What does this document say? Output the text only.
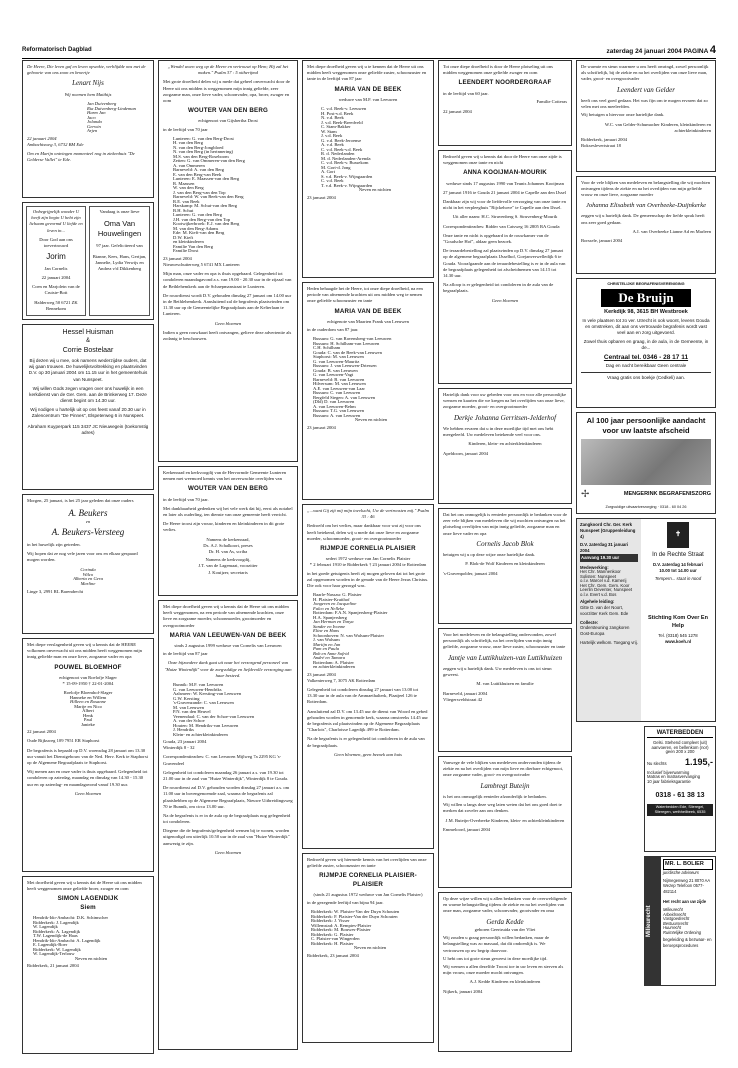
Reformatorisch Dagblad	zaterdag 24 januari 2004 PAGINA 4
De Heere, Die leven gaf en leven opwekte, verblijdde ons met de geboorte van ons zoon en broertje
Lenart Nijs
Wij noemen hem Matthijs
Jan Duivenberg
Ria Duivenberg-Lindeman
Harm Jan
Jaco
Jolanda
Gerwin
Arjen
22 januari 2004
Ambachtsweg 3, 6732 BM Ede
Om en Marijn ontvingen momenteel nog in ziekenhuis "De Gelderse Vallei" te Ede.
Onbegrijpelijk wonder U heeft zijn begin U hebt zijn lichaam gevormd U liefde en leven in...
Door God aan ons toevertrouwd
Jorim
Jan Cornelis
22 januari 2004
Coen en Marjolein van de Cruiste-Bott
Halderweg 50 6721 ZK Bennekom
Vandaag is onze lieve
Oma Van Houwelingen
97 jaar. Gefeliciteerd van
Bianne, Kees, Hans, Gertjan, Jannelie, Lydia Verwijs en Andrea v/d Dikkenberg
Hessel Huisman
&
Corrie Bostelaar
Bij dezen wij u mee, ook namens wederzijdse ouders, dat wij gaan trouwen. De huwelijksvoltrekking en plaatsvinden D.V. op 30 januari 2004 om 11.15 uur in het gemeentehuis van Nunspeet.
Wij willen Gods zegen vragen over ons huwelijk in een kerkdienst van de Ger. Gem. aan de Brinkerweg 17. Deze dienst begint om 14.30 uur.
Wij nodigen u hartelijk uit op ons feest vanaf 20.30 uur in Zalencentrum "De Pinnes", Elspeterweg 6 in Nunspeet.
Abraham Kuyperpark 115 3437 JC Nieuwegein (toekomstig adres)
Morgen, 25 januari, is het 25 jaar geleden dat onze ouders
A. Beukers
en
A. Beukers-Versteeg
in het huwelijk zijn getreden.
Wij hopen dat ze nog vele jaren voor ons en elkaar gespaard mogen worden.
Corinda
Wilco
Alberta en Gera
Marline
Linge 3, 2991 RL Barendrecht
Met diepe verslagenheid geven wij u kennis dat de HEERE volkomen onverwacht uit ons midden heeft weggenomen mijn innig geliefde man en onze lieve, zorgzame vader en opa
POUWEL BLOEMHOF
echtgenoot van Roelofje Slager
* 15-09-1950 † 22-01-2004
Roelofje Bloemhof-Slager
Hanneke en Willem
Hilleen en Rosanne
Marije en Nico
Albert
Henk
Paul
Janieke
22 januari 2004
Oude Rijksweg 109 7951 ER Staphorst
De begrafenis is bepaald op D.V. woensdag 28 januari om 13.30 uur vanuit het Dienstgebouw van de Ned. Herv. Kerk te Staphorst op de Algemene Begraafplaats te Staphorst.
Wij menen aan en onze vader is thuis opgebaard. Gelegenheid tot condoleren op zaterdag, maandag en dinsdag van 14.30 - 15.30 uur en op zaterdag- en maandagavond vanaf 19.30 uur.
Geen bloemen
Met droefheid geven wij u kennis dat de Heere uit ons midden heeft weggenomen onze geliefde broer, zwager en oom
SIMON LAGENDIJK
Siem
Hendrik-Ido-Ambacht: D.K. Schimscher
Ridderkerk: J. Lagendijk
W. Lagendijk
Ridderkerk: A. Lagendijk
T.W. Lagendijk-de Haas
Hendrik-Ido-Ambacht: A. Lagendijk
E. Lagendijk-Boer
Ridderkerk: W. Lagendijk
W. Lagendijk-Terlouw
Neven en nichten
Ridderkerk, 21 januari 2004
„Wendel uwen weg op de Heere en vertrouwt op Hem; Hij zal het maken." Psalm 37 : 5 ottherijmd
Met grote droefheid delen wij u mede dat geheel onverwacht door de Heere uit ons midden is weggenomen mijn innig geliefde, zeer zorgzame man, onze lieve vader, schoonvader, opa, broer, zwager en oom
WOUTER VAN DEN BERG
echtgenoot van Gijsbertha Drost
in de leeftijd van 70 jaar
Lunteren: G. van den Berg-Drost
H. van den Berg
N. van den Berg-Jongbloed
N. van den Berg (in herinnering)
M.S. van den Berg-Roseboom
Zetten: G. van Ommeren-van den Berg
A. van Ommeren
Barneveld: A. van den Berg
E. van den Berg-van Beek
Lunteren: E. Maassen-van den Berg
R. Maassen
W. van den Berg
J. van den Berg-van den Top
Barneveld: W. van Beek-van den Berg
R.E. van Beek
Harskamp: M. Schut-van den Berg
B.H. Schut
Lunteren: G. van den Berg
J.H. van den Berg-van den Top
Kootwijkerbroek: E.J. van den Berg
M. van den Berg-Adams
Ede: M. Kieft-van den Berg
D.W. Kieft
en kleinkinderen
Familie Van den Berg
Familie Drost
23 januari 2004
Nieuweschutterweg 5 6741 MX Lunteren
Mijn man, onze vader en opa is thuis opgebaard. Gelegenheid tot condoleren maandagavond a.s. van 19.00 - 20.30 uur in de zijzaal van de Bethlehemkerk aan de Schaepmanstraat te Lunteren.
De rouwdienst wordt D.V. gehouden dinsdag 27 januari om 14.00 uur in de Bethlehemkerk. Aansluitend zal de begrafenis plaatsvinden om 11.30 uur op de Gemeentelijke Begraafplaats aan de Kelterlaan te Lunteren.
Geen bloemen
Indien u geen rouwkaart heeft ontvangen, gelieve deze advertentie als zodanig te beschouwen.
Kerkenraad en kerkvoogdij van de Hervormde Gemeente Lunteren nemen met weemoed kennis van het onverwachte overlijden van
WOUTER VAN DEN BERG
in de leeftijd van 70 jaar.
Met dankbaarheid gedenken wij het vele werk dat hij, eerst als notabel en later als ouderling, ten dienste van onze gemeente heeft verricht.
De Heere troost zijn vrouw, kinderen en kleinkinderen in dit grote verlies.
Namens de kerkenraad,
Ds. A.J. Schalkoort, preses
Dr. H. van As, scriba
Namens de kerkvoogdij,
J.T. van de Lagemaat, voorzitter
J. Kouijzer, secretaris
Met diepe droefheid geven wij u kennis dat de Heere uit ons midden heeft weggenomen, na een periode van afnemende krachten, onze lieve en zorgzame moeder, schoonmoeder, grootmoeder en overgrootmoeder
MARIA VAN LEEUWEN-VAN DE BEEK
sinds 2 augustus 1999 weduwe van Cornelis van Leeuwen
in de leeftijd van 87 jaar
Onze bijzondere dank gaat uit naar het verzorgend personeel van "Huize Winterdijk" voor de zorgvuldige en liefdevolle verzorging aan haar besteed.
Bunnik: M.F. van Leeuwen
G. van Leeuwen-Hendriks
Aalsmeer: W. Kersting-van Leeuwen
G.W. Kersting
's-Gravenzande: C. van Leeuwen
M. van Leeuwen
P.N. van den Heuvel
Veenendaal: C. van der Schoe-van Leeuwen
A. van der Schoe
Houten: M. Hendriks-van Leeuwen
J. Hendriks
Klein- en achterkleinkinderen
Gouda, 23 januari 2004
Winterdijk 8 - 32
Correspondentieadres: C. van Leeuwen Mijlweg 7a 2295 KG 's-Gravendeel
Gelegenheid tot condoleren maandag 26 januari a.s. van 19.30 tot 21.00 uur in de zaal van "Huize Winterdijk", Winterdijk 8 te Gouda.
De rouwdienst zal D.V. gehouden worden dinsdag 27 januari a.s. om 11.00 uur in bovengenoemde zaal, waarna de begrafenis zal plaatshebben op de Algemene Begraafplaats, Nieuwe Uitbreidingsweg 70 te Bunnik, om circa 13.00 uur.
Na de begrafenis is er in de aula op de begraafplaats nog gelegenheid tot condoleren.
Diegene die de begrafenis/gelegenheid wensen bij te wonen, worden uitgenodigd om uiterlijk 10.50 uur in de zaal van "Huize Winterdijk" aanwezig te zijn.
Geen bloemen
Met diepe droefheid geven wij u te kennen dat de Heere uit ons midden heeft weggenomen onze geliefde zuster, schoonzuster en tante in de leeftijd van 87 jaar
MARIA VAN DE BEEK
weduwe van M.F. van Leeuwen
C. v.d. Beek-v. Leeuwen
H. Post-v.d. Beek
N. v.d. Beek
J. v.d. Beek-Breedveld
C. Stam-Bakker
W. Stam
J. v.d. Beek
G. v.d. Beek-Jeroense
A. v.d. Beek
C. v.d. Beek-v.d. Beek
R. d. Nederlanden
M. d. Nederlanden-Arenda
C. v.d. Beek-v. Bussekom
M. Gort-d. Jong
A. Gort
S. v.d. Beek-v. Wijngaarden
C. v.d. Beek
T. v.d. Beek-v. Wijngaarden
Neven en nichten
23 januari 2004
Heden behaagde het de Heere, tot onze diepe droefheid, na een periode van afnemende krachten uit ons midden weg te nemen onze geliefde schoonzuster en tante
MARIA VAN DE BEEK
echtgenote van Maarten Frank van Leeuwen
in de ouderdom van 87 jaar.
Bussum: G. van Ravensberg-van Leeuwen
Bussum: H. Schilham-van Leeuwen
C.H. Schilham
Gouda: C. van de Beek-van Leeuwen
Staphorst: M. van Leeuwen
G. van Leeuwen-Mauritz
Bussum: J. van Leeuwen-Driessen
Gouda: B. van Leeuwen
G. van Leeuwen-Vagt
Barneveld: B. van Leeuwen
Hilversum: M. van Leeuwen
A.E. van Leeuwen-van Laar
Bussum: C. van Leeuwen
Bergfeld Siegen: A. van Leeuwen
(Dld) D. van Leeuwen
A. van Leeuwen-Behm
Bussum: T.G. van Leeuwen
Bussum: A. van Leeuwen
Neven en nichten
23 januari 2004
„...want Gij zijt mij mijn toevlucht, Uw de vertroosten mij." Psalm 33 : 46
Bedroefd om het verlies, maar dankbaar voor wat zij voor ons heeft betekend, delen wij u mede dat onze lieve en zorgzame moeder, schoonmoeder, groot- en overgrootmoeder
RIJMPJE CORNELIA PLAISIER
sedert 1972 weduwe van Jan Cornelis Plaisier
* 2 februari 1910 te Ridderkerk † 23 januari 2004 te Rotterdam
in het goede getuigenis heeft zij mogen geloven dat tot het grote zal opgenomen worden in de genade van de Heere Jezus Christus. Die ook voor haar gezorgd was.
Baarle-Nassau: G. Plaisier
H. Plaisier-Kruithof
Jongeren en Jacqueline
Falco en Nelleke
Botterdam: F.A.N. Spanjersberg-Plaisier
H.A. Spanjersberg
Jan Herman en Tonya
Sander en Ivonne
Eline en Hans
Schoonhoven: N. van Walsum-Plaisier
J. van Walsum
Martijn en Jan
Pam en Paula
Bob en Anne Sofrid
André en Tamara
Botterdam: A. Plaisier
en achterkleinkinderen
23 januari 2004
Valkenierweg 7, 3075 AK Rotterdam
Gelegenheid tot condoleren dinsdag 27 januari van 13.00 tot 13.30 uur in de aula van de Ammaethalterk, Plaatjeel 126 te Rotterdam.
Aansluitend zal D.V. om 13.45 uur de dienst van Woord en gebed gehouden worden in genoemde kerk, waarna omstreeks 14.45 uur de begrafenis zal plaatsvinden op de Algemene Begraafplaats "Charlois", Charloisse Lagedijk 499 te Rotterdam.
Na de begrafenis is er gelegenheid tot condoleren in de aula van de begraafplaats.
Geen bloemen, geen bezoek aan huis
Bedroefd geven wij hiermede kennis van het overlijden van onze geliefde zuster, schoonzuster en tante
RIJMPJE CORNELIA PLAISIER-PLAISIER
(sinds 21 augustus 1972 weduwe van Jan Cornelis Plaisier)
in de gezegende leeftijd van bijna 94 jaar.
Ridderkerk: W. Plaisier-Van der Duyn Schouten
Ridderkerk: F. Plaisier-Van der Duyn Schouten
Ridderkerk: J. Visser
Willemstad: A. Rempies-Plaisier
Ridderkerk: M. Bouwes-Plaisier
Ridderkerk: G. Plaisier
C. Plaisier-van Wingerden
Ridderkerk: H. Plaisier
Neven en nichten
Ridderkerk, 23 januari 2004
Tot onze diepe droefheid is door de Heere plotseling uit ons midden weggenomen onze geliefde zwager en oom
LEENDERT NOORDERGRAAF
in de leeftijd van 60 jaar.
Familie Cotteras
22 januari 2004
Bedroefd geven wij u kennis dat door de Heere van onze zijde is weggenomen onze tante en nicht
ANNA KOOIJMAN-MOURIK
weduwe sinds 17 augustus 1990 van Teunis Johannes Kooijman
27 januari 1916 te Gouda 21 januari 2004 te Capelle aan den IJssel
Dankbaar zijn wij voor de liefdevolle verzorging van onze tante en nicht in het verpleeghuis "Rijckehove" te Capelle aan den IJssel.
Uit aller naam: H.C. Struvenberg S. Struvenberg-Mourik
Correspondentieadres: Ridder van Catsweg 16 2805 RA Gouda
Onze tante en nicht is opgebaard in de rouwkamer van de "Goudsche Hof", aldaar geen bezoek.
De teraardebestelling zal plaatsvinden op D.V. dinsdag 27 januari op de algemene begraafplaats IJsselhof, Goejanverwelledijk 6 te Gouda. Voorafgaande aan de teraardebestelling is er in de aula van de begraafplaats gelegenheid tot afscheidnemen van 14.15 tot 14.30 uur.
Na afloop is er gelegenheid tot condoleren in de aula van de begraafplaats.
Geen bloemen
Hartelijk dank voor uw gebeden voor ons en voor alle persoonlijke wensen en kaarten die we kregen na het overlijden van onze lieve, zorgzame moeder, groot- en overgrootmoeder
Derkje Johanna Gerritsen-Jelderhof
We hebben ervaren dat u in deze moeilijke tijd met ons hebt meegeleefd. Uw medeleven betekende veel voor ons.
Kinderen, klein- en achterkleinkinderen
Apeldoorn, januari 2004
Dat het ons onmogelijk is eenieder persoonlijk te bedanken voor de zeer vele blijken van medeleven die wij mochten ontvangen na het plotseling overlijden van mijn innig geliefde, zorgzame man en onze lieve vader en opa
Cornelis Jacob Blok
betuigen wij u op deze wijze onze hartelijke dank.
P. Blok-de Wolf Kinderen en kleinkinderen
's-Gravenpolder, januari 2004
Voor het medeleven en de belangstelling ondervonden, zowel persoonlijk als schriftelijk, na het overlijden van mijn innig geliefde, zorgzame vrouw, onze lieve zuster, schoonzuster en tante
Jantje van Luttikhuizen-van Luttikhuizen
zeggen wij u hartelijk dank. Uw medeleven is ons tot steun geweest.
M. van Luttikhuizen en familie
Barneveld, januari 2004
Vliegersveldstraat 42
Vanwege de vele blijken van medeleven ondervonden tijdens de ziekte en na het overlijden van mijn lieve en dierbare echtgenoot, onze zorgzame vader, groot- en overgrootvader
Lambregt Buteijn
is het ons onmogelijk eenieder afzonderlijk te bedanken.
Wij willen u langs deze weg laten weten dat het ons goed doet te merken dat zoveler aan ons denken.
J.M. Buteijn-Overbeeke Kinderen, klein- en achterkleinkinderen
Emmeloord, januari 2004
Op deze wijze willen wij u allen bedanken voor de overweldigende en warme belangstelling tijdens de ziekte en na het overlijden van onze man, zorgzame vader, schoonvader, grootvader en oma
Gerda Kedde
geboren Geertruida van der Vliet
Wij zouden u graag persoonlijk willen bedanken, maar de belangstelling was zo massaal, dat dit ondoenlijk is. We vertrouwen op uw begrip daarvoor.
U hebt ons tot grote steun geweest in deze moeilijke tijd.
Wij wensen u allen dezelfde Troost toe in uw leven en sterven als mijn vrouw, onze moeder mocht ontvangen.
A.J. Kedde Kinderen en kleinkinderen
Nijkerk, januari 2004
De warmte en steun waarmee u ons heeft omringd, zowel persoonlijk als schriftelijk, bij de ziekte en na het overlijden van onze lieve man, vader, groot- en overgrootvader
Leendert van Gelder
heeft ons veel goed gedaan. Het was fijn om te mogen ervaren dat zo velen met ons meeleefden.
Wij betuigen u hiervoor onze hartelijke dank.
W.C. van Gelder-Schumacher Kinderen, kleinkinderen en achterkleinkinderen
Ridderkerk, januari 2004
Bokxeslevertstraat 18
Voor de vele blijken van medeleven en belangstelling die wij mochten ontvangen tijdens de ziekte en na het overlijden van mijn geliefde vrouw en onze lieve, zorgzame moeder
Johanna Elisabeth van Overbeeke-Duijnkerke
zeggen wij u hartelijk dank. De gemeenschap der liefde sprak heeft ons zeer goed gedaan.
A.I. van Overbeeke Lianne Ad en Marleen
Borssele, januari 2004
CHRISTELIJKE BEGRAFENISVERENIGING
De Bruijn
Kerkdijk 98, 3615 BH Westbroek
In vele plaatsen tot zo ver. Utrecht is ook woont, levens Gouda en omstreken, dit aan ons vertrouwde begrafenis wordt vast veel aan en zorg uitgevoerd.
Zowel thuis opbaren en graag, in de aula, in de Gemeente, in de...
Centraal tel. 0346 - 28 17 11
Dag en nacht bereikbaar Geen centrale
Vraag gratis ons boekje (Cedkeli) aan.
Al 100 jaar persoonlijke aandacht voor uw laatste afscheid
✢	MENGERINK BEGRAFENISZORG
Zorgvuldige uitvaartverzorging · 0318 - 60 04 26
Zangkoord Chr. Ger. Kerk Nunspeet (Gruppenleidung 4)
D.V. zaterdag 31 januari 2004
Aanvang 19.30 uur
Medewerking:
Het Chr. Mannenkoor
Solisten: Nunspeet
o.l.v. Marcel v.d. Kamerij
Het Chr. Gem. Gem. Koor
Leerlin Deventer, Nunspeet
o.l.v. Evert v.d. Bos
Algehele leiding:
Gitte D. van der Noort, voorzitter Kerk Gem. Ede
Collecte:
Ondersteuning zangkoren Oost-Europa
Hartelijk welkom. Toegang vrij.
✝
In de Rechte Straat
D.V. zaterdag 14 februari
10.00 tot 14.00 uur
Tempern... staat in nood
Stichting Kom Over En Help
Tel. (0318) 545 1278
www.koeh.nl
WATERBEDDEN
Gelsi. Stehend compleet (uit)
aanvoeren, en bellenkom (nor)
geen 200 x 200
Nu slechts 1.195,-
Inclusief bijverwarming
Matras en matrasvervanging
10 jaar fabrieksgarantie
0318 - 61 38 13
Waterbedden Ede, Slieregel, Slieregen, wethheilbeek, 6535
Milieurecht
MR. L. BOLIER
juridische adviseurs
Nijmegenweg 21 8070 AA Wezep Telefoon 0577-482114
Het recht aan uw zijde
Milieurecht
Arbeidsrecht
Vastgoedrecht
Bestuursrecht
Huurrecht
Ruimtelijke Ordening
begeleiding & bezwaar- en beroepsprocedures
